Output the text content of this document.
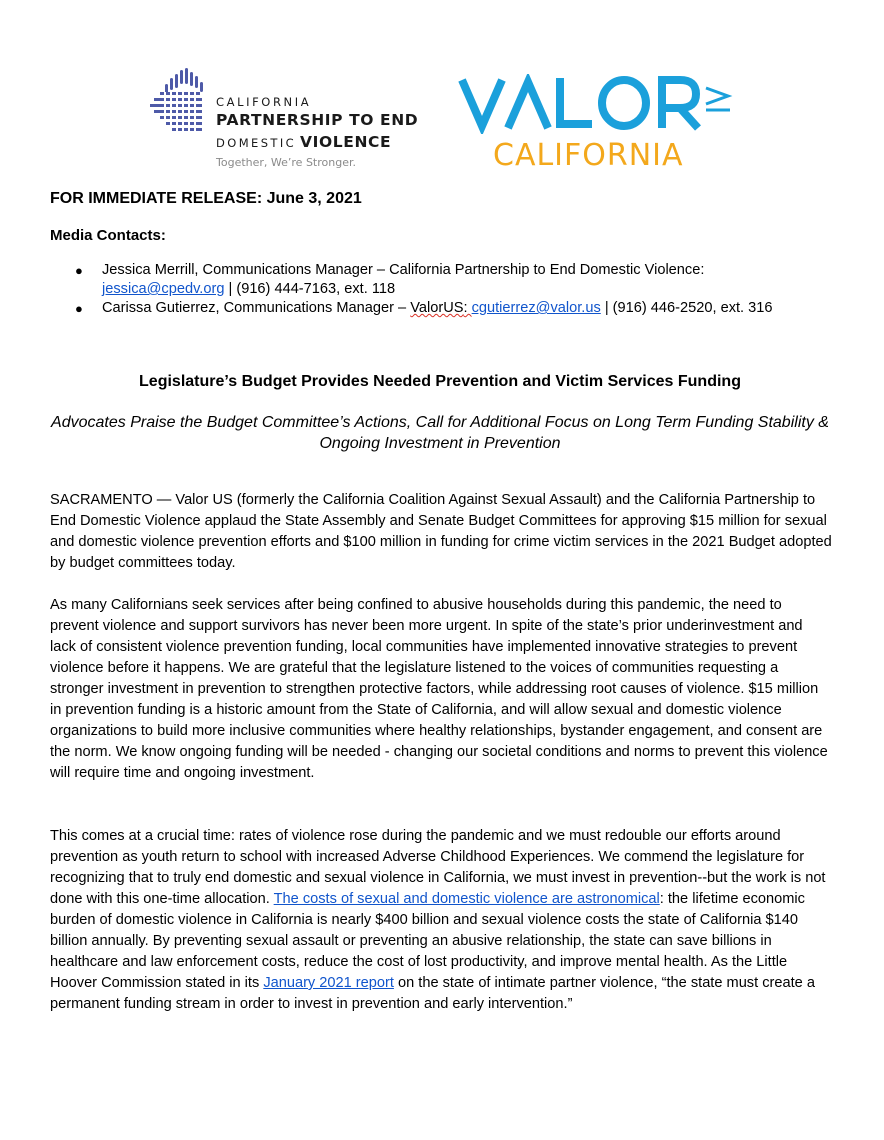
CALIFORNIA
PARTNERSHIP TO END
DOMESTIC VIOLENCE
Together, We’re Stronger.	CALIFORNIA
FOR IMMEDIATE RELEASE: June 3, 2021
Media Contacts:
● Jessica Merrill, Communications Manager – California Partnership to End Domestic Violence: jessica@cpedv.org | (916) 444-7163, ext. 118
● Carissa Gutierrez, Communications Manager – ValorUS: cgutierrez@valor.us | (916) 446-2520, ext. 316
Legislature’s Budget Provides Needed Prevention and Victim Services Funding
Advocates Praise the Budget Committee’s Actions, Call for Additional Focus on Long Term Funding Stability & Ongoing Investment in Prevention

SACRAMENTO — Valor US (formerly the California Coalition Against Sexual Assault) and the California Partnership to End Domestic Violence applaud the State Assembly and Senate Budget Committees for approving $15 million for sexual and domestic violence prevention efforts and $100 million in funding for crime victim services in the 2021 Budget adopted by budget committees today.

As many Californians seek services after being confined to abusive households during this pandemic, the need to prevent violence and support survivors has never been more urgent. In spite of the state’s prior underinvestment and lack of consistent violence prevention funding, local communities have implemented innovative strategies to prevent violence before it happens. We are grateful that the legislature listened to the voices of communities requesting a stronger investment in prevention to strengthen protective factors, while addressing root causes of violence. $15 million in prevention funding is a historic amount from the State of California, and will allow sexual and domestic violence organizations to build more inclusive communities where healthy relationships, bystander engagement, and consent are the norm. We know ongoing funding will be needed - changing our societal conditions and norms to prevent this violence will require time and ongoing investment.

This comes at a crucial time: rates of violence rose during the pandemic and we must redouble our efforts around prevention as youth return to school with increased Adverse Childhood Experiences. We commend the legislature for recognizing that to truly end domestic and sexual violence in California, we must invest in prevention--but the work is not done with this one-time allocation. The costs of sexual and domestic violence are astronomical: the lifetime economic burden of domestic violence in California is nearly $400 billion and sexual violence costs the state of California $140 billion annually. By preventing sexual assault or preventing an abusive relationship, the state can save billions in healthcare and law enforcement costs, reduce the cost of lost productivity, and improve mental health. As the Little Hoover Commission stated in its January 2021 report on the state of intimate partner violence, “the state must create a permanent funding stream in order to invest in prevention and early intervention.”
